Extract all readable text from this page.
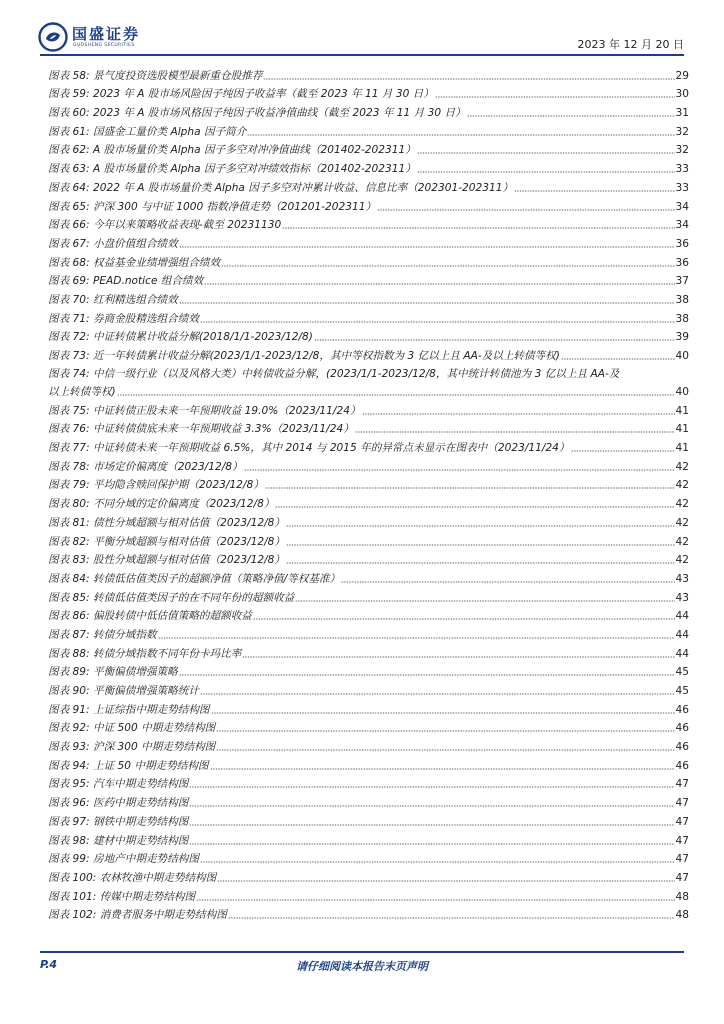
国盛证券
GUOSHENG SECURITIES	2023 年 12 月 20 日
图表 58: 景气度投资选股模型最新重仓股推荐	29
图表 59: 2023 年 A 股市场风险因子纯因子收益率（截至 2023 年 11 月 30 日）	30
图表 60: 2023 年 A 股市场风格因子纯因子收益净值曲线（截至 2023 年 11 月 30 日）	31
图表 61: 国盛金工量价类 Alpha 因子简介	32
图表 62: A 股市场量价类 Alpha 因子多空对冲净值曲线（201402-202311）	32
图表 63: A 股市场量价类 Alpha 因子多空对冲绩效指标（201402-202311）	33
图表 64: 2022 年 A 股市场量价类 Alpha 因子多空对冲累计收益、信息比率（202301-202311）	33
图表 65: 沪深 300 与中证 1000 指数净值走势（201201-202311）	34
图表 66: 今年以来策略收益表现-截至 20231130	34
图表 67: 小盘价值组合绩效	36
图表 68: 权益基金业绩增强组合绩效	36
图表 69: PEAD.notice 组合绩效	37
图表 70: 红利精选组合绩效	38
图表 71: 券商金股精选组合绩效	38
图表 72: 中证转债累计收益分解(2018/1/1-2023/12/8)	39
图表 73: 近一年转债累计收益分解(2023/1/1-2023/12/8，其中等权指数为 3 亿以上且 AA-及以上转债等权)	40
图表 74: 中信一级行业（以及风格大类）中转债收益分解，(2023/1/1-2023/12/8，其中统计转债池为 3 亿以上且 AA-及
以上转债等权)	40
图表 75: 中证转债正股未来一年预期收益 19.0%（2023/11/24）	41
图表 76: 中证转债债底未来一年预期收益 3.3%（2023/11/24）	41
图表 77: 中证转债未来一年预期收益 6.5%，其中 2014 与 2015 年的异常点未显示在图表中（2023/11/24）	41
图表 78: 市场定价偏离度（2023/12/8）	42
图表 79: 平均隐含赎回保护期（2023/12/8）	42
图表 80: 不同分域的定价偏离度（2023/12/8）	42
图表 81: 债性分域超额与相对估值（2023/12/8）	42
图表 82: 平衡分域超额与相对估值（2023/12/8）	42
图表 83: 股性分域超额与相对估值（2023/12/8）	42
图表 84: 转债低估值类因子的超额净值（策略净值/等权基准）	43
图表 85: 转债低估值类因子的在不同年份的超额收益	43
图表 86: 偏股转债中低估值策略的超额收益	44
图表 87: 转债分域指数	44
图表 88: 转债分域指数不同年份卡玛比率	44
图表 89: 平衡偏债增强策略	45
图表 90: 平衡偏债增强策略统计	45
图表 91: 上证综指中期走势结构图	46
图表 92: 中证 500 中期走势结构图	46
图表 93: 沪深 300 中期走势结构图	46
图表 94: 上证 50 中期走势结构图	46
图表 95: 汽车中期走势结构图	47
图表 96: 医药中期走势结构图	47
图表 97: 钢铁中期走势结构图	47
图表 98: 建材中期走势结构图	47
图表 99: 房地产中期走势结构图	47
图表 100: 农林牧渔中期走势结构图	47
图表 101: 传媒中期走势结构图	48
图表 102: 消费者服务中期走势结构图	48
P.4	请仔细阅读本报告末页声明
